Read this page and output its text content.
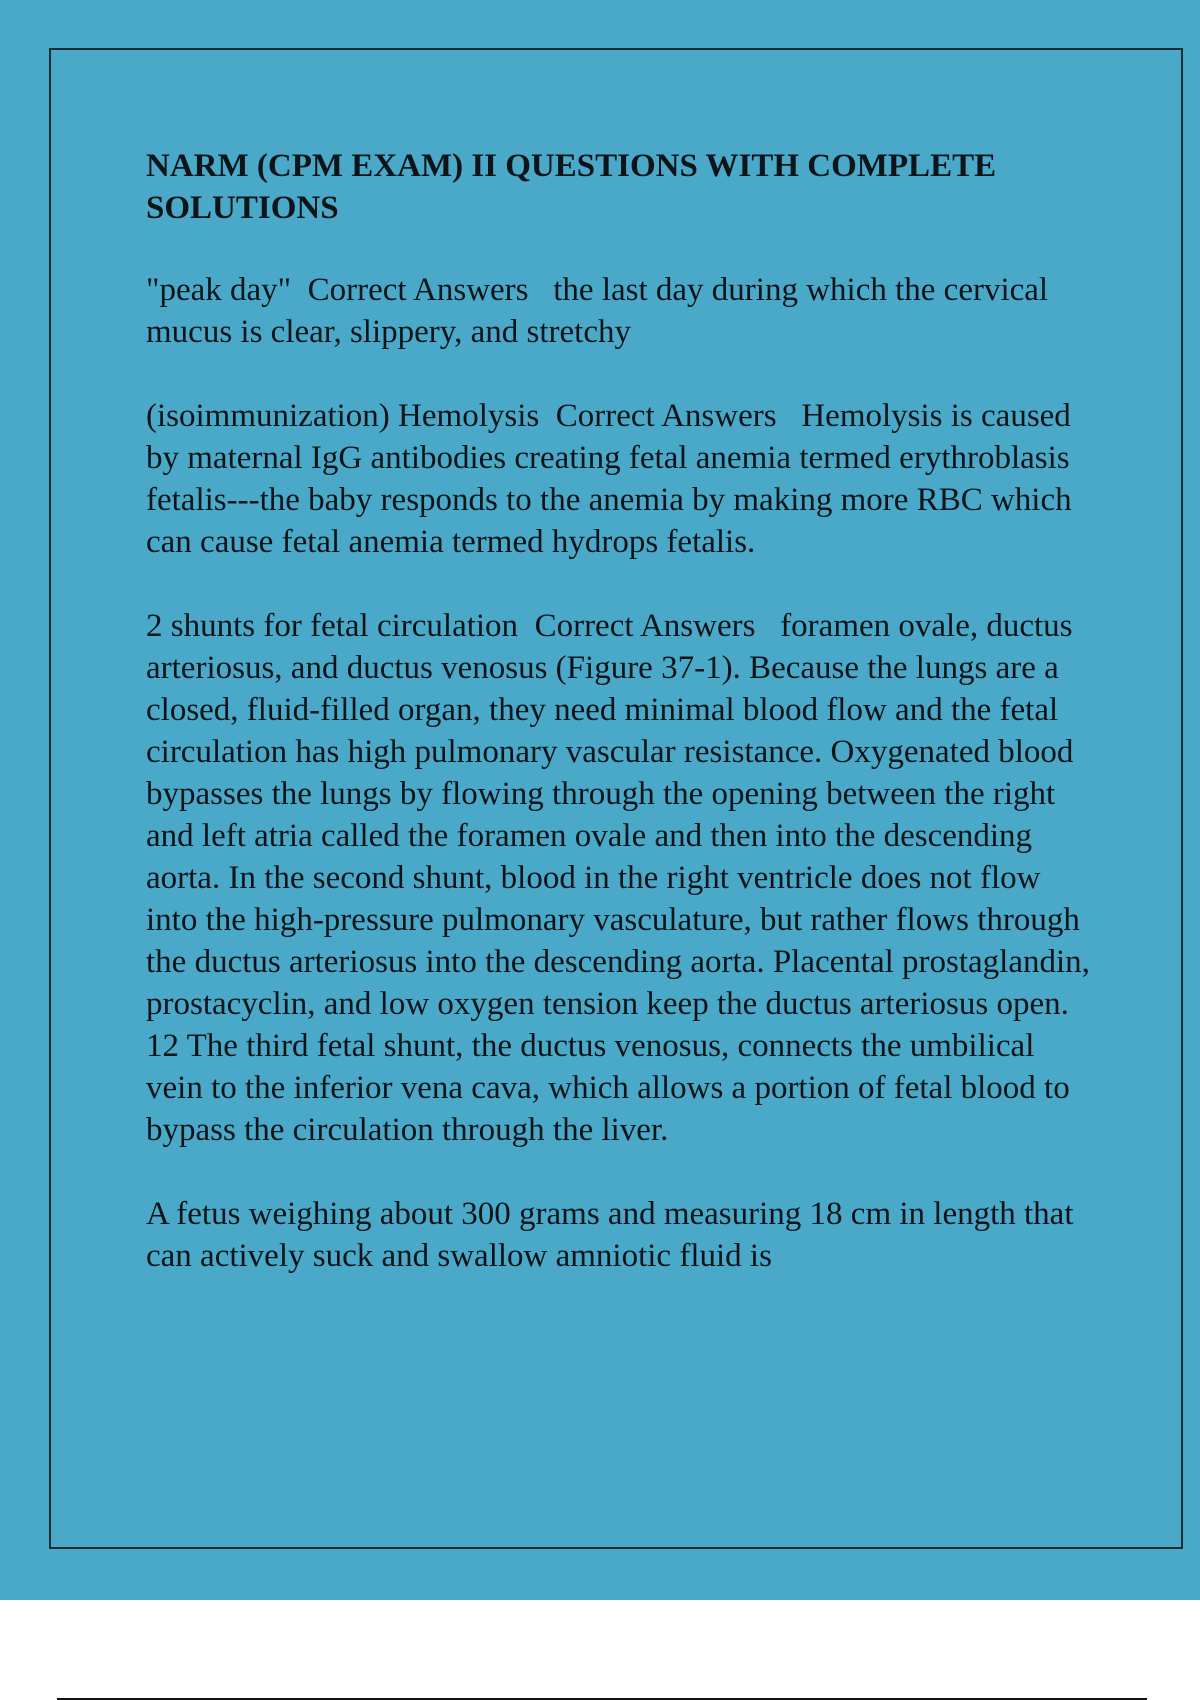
NARM (CPM EXAM) II QUESTIONS WITH COMPLETE SOLUTIONS
"peak day"  Correct Answers   the last day during which the cervical mucus is clear, slippery, and stretchy
(isoimmunization) Hemolysis  Correct Answers   Hemolysis is caused by maternal IgG antibodies creating fetal anemia termed erythroblasis fetalis---the baby responds to the anemia by making more RBC which can cause fetal anemia termed hydrops fetalis.
2 shunts for fetal circulation  Correct Answers   foramen ovale, ductus arteriosus, and ductus venosus (Figure 37-1). Because the lungs are a closed, fluid-filled organ, they need minimal blood flow and the fetal circulation has high pulmonary vascular resistance. Oxygenated blood bypasses the lungs by flowing through the opening between the right and left atria called the foramen ovale and then into the descending aorta. In the second shunt, blood in the right ventricle does not flow into the high-pressure pulmonary vasculature, but rather flows through the ductus arteriosus into the descending aorta. Placental prostaglandin, prostacyclin, and low oxygen tension keep the ductus arteriosus open. 12 The third fetal shunt, the ductus venosus, connects the umbilical vein to the inferior vena cava, which allows a portion of fetal blood to bypass the circulation through the liver.
A fetus weighing about 300 grams and measuring 18 cm in length that can actively suck and swallow amniotic fluid is
